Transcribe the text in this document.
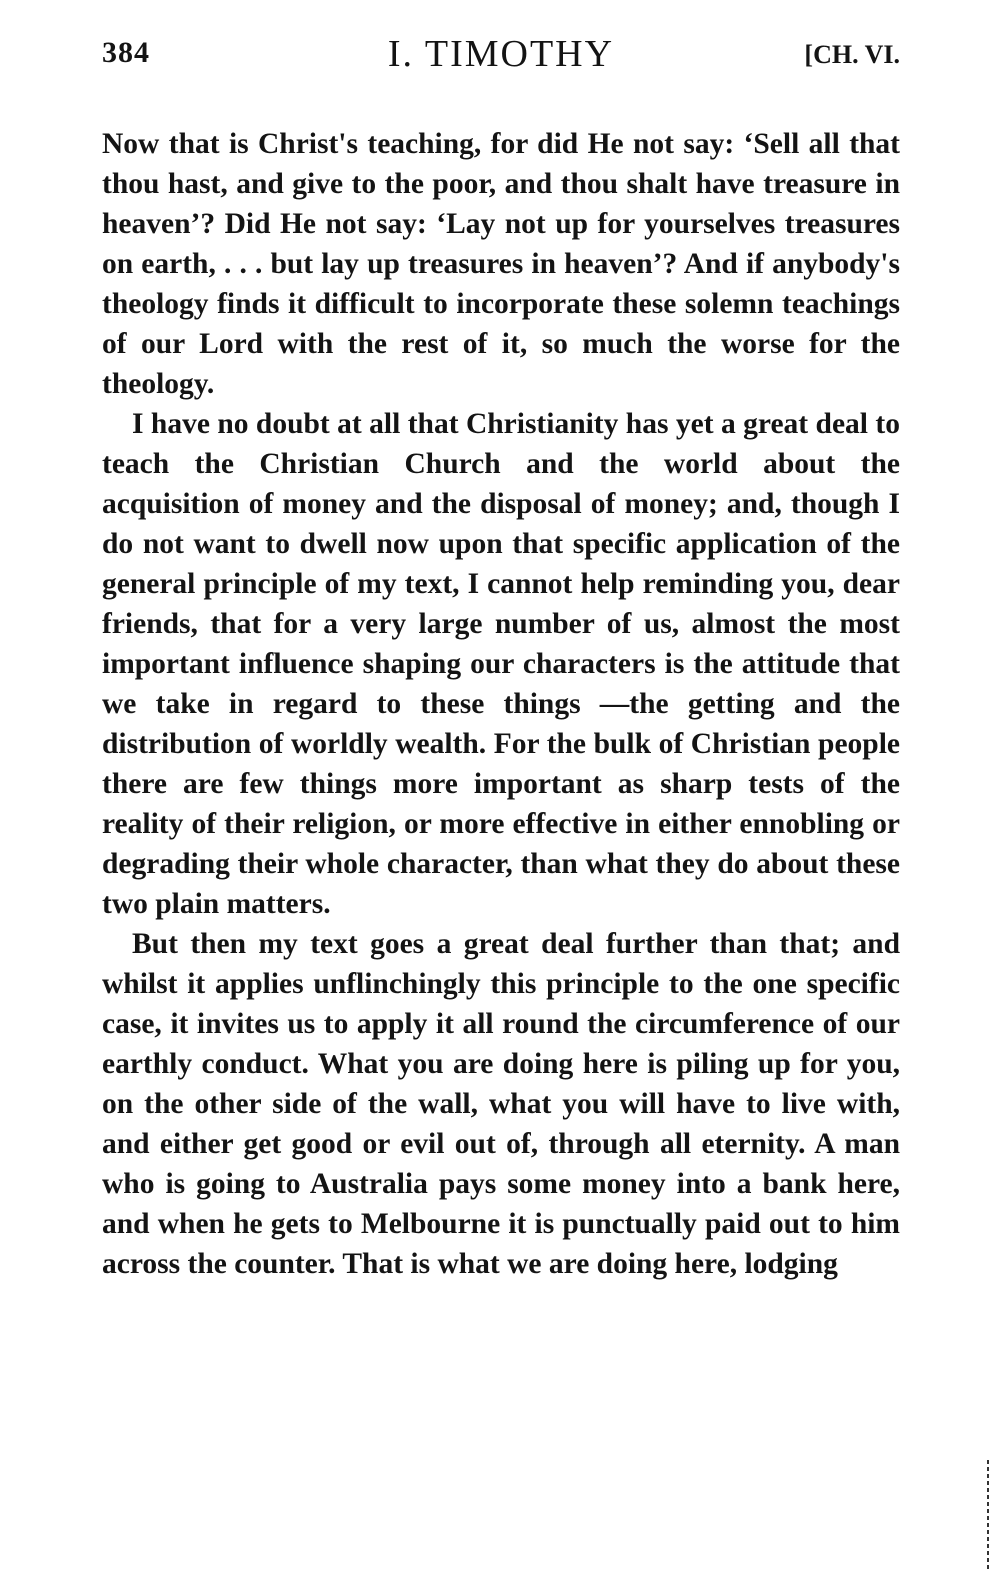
384	I. TIMOTHY	[CH. VI.

Now that is Christ's teaching, for did He not say: ‘Sell all that thou hast, and give to the poor, and thou shalt have treasure in heaven’? Did He not say: ‘Lay not up for yourselves treasures on earth, . . . but lay up treasures in heaven’? And if anybody's theology finds it difficult to incorporate these solemn teachings of our Lord with the rest of it, so much the worse for the theology.

I have no doubt at all that Christianity has yet a great deal to teach the Christian Church and the world about the acquisition of money and the disposal of money; and, though I do not want to dwell now upon that specific application of the general principle of my text, I cannot help reminding you, dear friends, that for a very large number of us, almost the most important influence shaping our characters is the attitude that we take in regard to these things —the getting and the distribution of worldly wealth. For the bulk of Christian people there are few things more important as sharp tests of the reality of their religion, or more effective in either ennobling or degrading their whole character, than what they do about these two plain matters.

But then my text goes a great deal further than that; and whilst it applies unflinchingly this principle to the one specific case, it invites us to apply it all round the circumference of our earthly conduct. What you are doing here is piling up for you, on the other side of the wall, what you will have to live with, and either get good or evil out of, through all eternity. A man who is going to Australia pays some money into a bank here, and when he gets to Melbourne it is punctually paid out to him across the counter. That is what we are doing here, lodging
